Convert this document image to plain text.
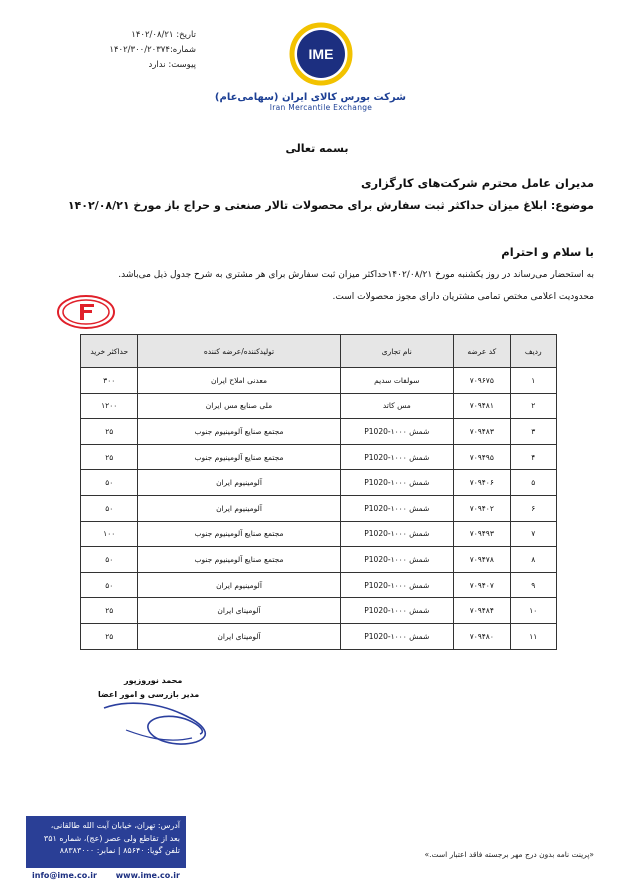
تاریخ: ۱۴۰۲/۰۸/۲۱
شماره:۱۴۰۲/۳۰۰/۲۰۳۷۴
پیوست: ندارد
IME
شرکت بورس کالای ایران (سهامی‌عام)
Iran Mercantile Exchange
بسمه تعالی
مدیران عامل محترم شرکت‌های کارگزاری
موضوع: ابلاغ میزان حداکثر ثبت سفارش برای محصولات تالار صنعتی و حراج باز مورخ ۱۴۰۲/۰۸/۲۱
با سلام و احترام
به استحضار می‌رساند در روز یکشنبه مورخ ۱۴۰۲/۰۸/۲۱حداکثر میزان ثبت سفارش برای هر مشتری به شرح جدول ذیل می‌باشد.
محدودیت اعلامی مختص تمامی مشتریان دارای مجوز محصولات است.
ردیف	کد عرضه	نام تجاری	تولیدکننده/عرضه کننده	حداکثر خرید
۱	۷۰۹۶۷۵	سولفات سدیم	معدنی املاح ایران	۳۰۰
۲	۷۰۹۴۸۱	مس کاتد	ملی صنایع مس ایران	۱۲۰۰
۳	۷۰۹۴۸۳	شمش ۱۰۰۰-P1020	مجتمع صنایع آلومینیوم جنوب	۲۵
۴	۷۰۹۴۹۵	شمش ۱۰۰۰-P1020	مجتمع صنایع آلومینیوم جنوب	۲۵
۵	۷۰۹۴۰۶	شمش ۱۰۰۰-P1020	آلومینیوم ایران	۵۰
۶	۷۰۹۴۰۲	شمش ۱۰۰۰-P1020	آلومینیوم ایران	۵۰
۷	۷۰۹۴۹۳	شمش ۱۰۰۰-P1020	مجتمع صنایع آلومینیوم جنوب	۱۰۰
۸	۷۰۹۴۷۸	شمش ۱۰۰۰-P1020	مجتمع صنایع آلومینیوم جنوب	۵۰
۹	۷۰۹۴۰۷	شمش ۱۰۰۰-P1020	آلومینیوم ایران	۵۰
۱۰	۷۰۹۴۸۴	شمش ۱۰۰۰-P1020	آلومینای ایران	۲۵
۱۱	۷۰۹۴۸۰	شمش ۱۰۰۰-P1020	آلومینای ایران	۲۵
محمد نوروزپور
مدیر بازرسی و امور اعضا
آدرس: تهران، خیابان آیت الله طالقانی،
بعد از تقاطع ولی عصر (عج)، شماره ۳۵۱
تلفن گویا: ۸۵۶۴۰ | نمابر: ۸۸۳۸۳۰۰۰
info@ime.co.ir www.ime.co.ir
«پرینت نامه بدون درج مهر برجسته فاقد اعتبار است.»
